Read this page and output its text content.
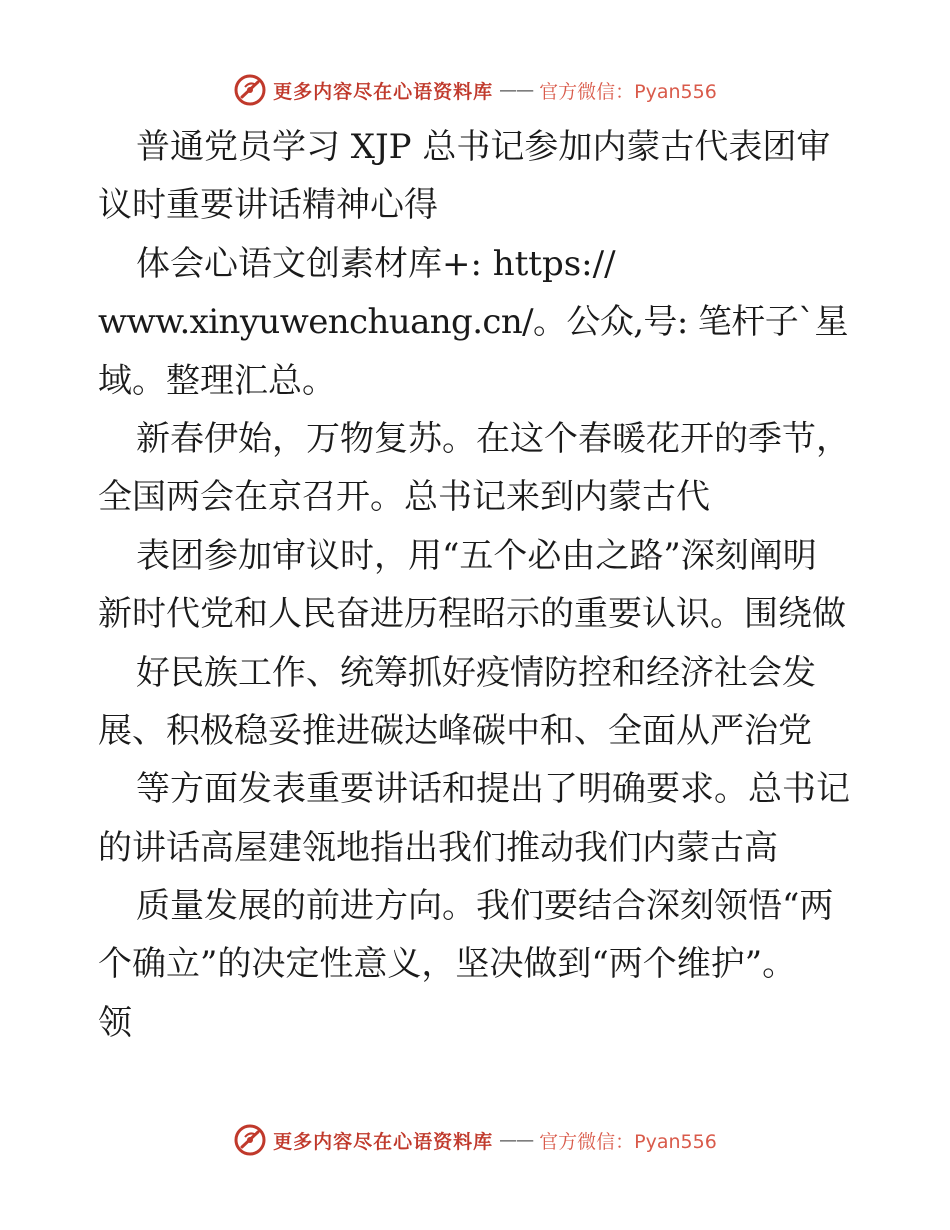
更多内容尽在心语资料库 —— 官方微信：Pyan556
普通党员学习 XJP 总书记参加内蒙古代表团审
议时重要讲话精神心得
体会心语文创素材库+: https://
www.xinyuwenchuang.cn/。公众,号: 笔杆子`星
域。整理汇总。
新春伊始，万物复苏。在这个春暖花开的季节，
全国两会在京召开。总书记来到内蒙古代
表团参加审议时，用“五个必由之路”深刻阐明
新时代党和人民奋进历程昭示的重要认识。围绕做
好民族工作、统筹抓好疫情防控和经济社会发
展、积极稳妥推进碳达峰碳中和、全面从严治党
等方面发表重要讲话和提出了明确要求。总书记
的讲话高屋建瓴地指出我们推动我们内蒙古高
质量发展的前进方向。我们要结合深刻领悟“两
个确立”的决定性意义，坚决做到“两个维护”。
领
更多内容尽在心语资料库 —— 官方微信：Pyan556
